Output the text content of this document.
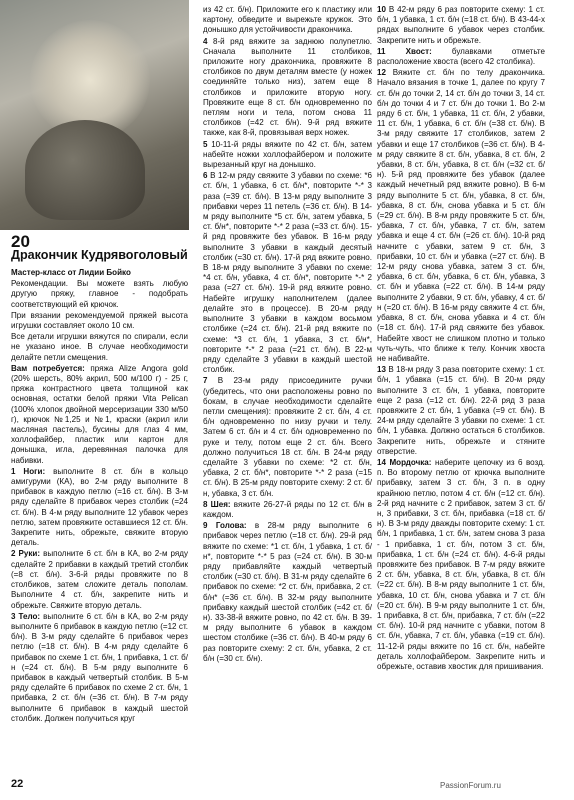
20
Дракончик Кудрявоголовый

Мастер-класс от Лидии Бойко

Рекомендации. Вы можете взять любую другую пряжу, главное - подобрать соответствующий ей крючок.

При вязании рекомендуемой пряжей высота игрушки составляет около 10 см.

Все детали игрушки вяжутся по спирали, если не указано иное. В случае необходимости делайте петли смещения.

Вам потребуется: пряжа Alize Angora gold (20% шерсть, 80% акрил, 500 м/100 г) - 25 г, пряжа контрастного цвета толщиной как основная, остатки белой пряжи Vita Pelican (100% хлопок двойной мерсеризации 330 м/50 г), крючок №1,25 и №1, краски (акрил или масляная пастель), бусины для глаз 4 мм, холлофайбер, пластик или картон для донышка, игла, деревянная палочка для набивки.

1 Ноги: выполните 8 ст. б/н в кольцо амигуруми (КА), во 2-м ряду выполните 8 прибавок в каждую петлю (=16 ст. б/н). В 3-м ряду сделайте 8 прибавок через столбик (=24 ст. б/н). В 4-м ряду выполните 12 убавок через петлю, затем провяжите оставшиеся 12 ст. б/н. Закрепите нить, обрежьте, свяжите вторую деталь.

2 Руки: выполните 6 ст. б/н в КА, во 2-м ряду сделайте 2 прибавки в каждый третий столбик (=8 ст. б/н). 3-6-й ряды провяжите по 8 столбиков, затем сложите деталь пополам. Выполните 4 ст. б/н, закрепите нить и обрежьте. Свяжите вторую деталь.

3 Тело: выполните 6 ст. б/н в КА, во 2-м ряду выполните 6 прибавок в каждую петлю (=12 ст. б/н). В 3-м ряду сделайте 6 прибавок через петлю (=18 ст. б/н). В 4-м ряду сделайте 6 прибавок по схеме 1 ст. б/н, 1 прибавка, 1 ст. б/н (=24 ст. б/н). В 5-м ряду выполните 6 прибавок в каждый четвертый столбик. В 5-м ряду сделайте 6 прибавок по схеме 2 ст. б/н, 1 прибавка, 2 ст. б/н (=36 ст. б/н). В 7-м ряду выполните 6 прибавок в каждый шестой столбик. Должен получиться круг

из 42 ст. б/н). Приложите его к пластику или картону, обведите и вырежьте кружок. Это донышко для устойчивости дракончика.

4 8-й ряд вяжите за заднюю полупетлю. Сначала выполните 11 столбиков, приложите ногу дракончика, провяжите 8 столбиков по двум деталям вместе (у ножек соединяйте только низ), затем еще 8 столбиков и приложите вторую ногу. Провяжите еще 8 ст. б/н одновременно по петлям ноги и тела, потом снова 11 столбиков (=42 ст. б/н). 9-й ряд вяжите также, как 8-й, провязывая верх ножек.

5 10-11-й ряды вяжите по 42 ст. б/н, затем набейте ножки холлофайбером и положите вырезанный круг на донышко.

6 В 12-м ряду свяжите 3 убавки по схеме: *6 ст. б/н, 1 убавка, 6 ст. б/н*, повторите *-* 3 раза (=39 ст. б/н). В 13-м ряду выполните 3 прибавки через 11 петель (=36 ст. б/н). В 14-м ряду выполните *5 ст. б/н, затем убавка, 5 ст. б/н*, повторите *-* 2 раза (=33 ст. б/н). 15-й ряд провяжите без убавок. В 16-м ряду выполните 3 убавки в каждый десятый столбик (=30 ст. б/н). 17-й ряд вяжите ровно. В 18-м ряду выполните 3 убавки по схеме: *4 ст. б/н, убавка, 4 ст. б/н*, повторите *-* 2 раза (=27 ст. б/н). 19-й ряд вяжите ровно. Набейте игрушку наполнителем (далее делайте это в процессе). В 20-м ряду выполните 3 убавки в каждом восьмом столбике (=24 ст. б/н). 21-й ряд вяжите по схеме: *3 ст. б/н, 1 убавка, 3 ст. б/н*, повторите *-* 2 раза (=21 ст. б/н). В 22-м ряду сделайте 3 убавки в каждый шестой столбик.

7 В 23-м ряду присоедините ручки (убедитесь, что они расположены ровно по бокам, в случае необходимости сделайте петли смещения): провяжите 2 ст. б/н, 4 ст. б/н одновременно по низу ручки и телу. Затем 6 ст. б/н и 4 ст. б/н одновременно по руке и телу, потом еще 2 ст. б/н. Всего должно получиться 18 ст. б/н. В 24-м ряду сделайте 3 убавки по схеме: *2 ст. б/н, убавка, 2 ст. б/н*, повторите *-* 2 раза (=15 ст. б/н). В 25-м ряду повторите схему: 2 ст. б/н, убавка, 3 ст. б/н.

8 Шея: вяжите 26-27-й ряды по 12 ст. б/н в каждом.

9 Голова: в 28-м ряду выполните 6 прибавок через петлю (=18 ст. б/н). 29-й ряд вяжите по схеме: *1 ст. б/н, 1 убавка, 1 ст. б/н*, повторите *-* 5 раз (=24 ст. б/н). В 30-м ряду прибавляйте каждый четвертый столбик (=30 ст. б/н). В 31-м ряду сделайте 6 прибавок по схеме: *2 ст. б/н, прибавка, 2 ст. б/н* (=36 ст. б/н). В 32-м ряду выполните прибавку каждый шестой столбик (=42 ст. б/н). 33-38-й вяжите ровно, по 42 ст. б/н. В 39-м ряду выполните 6 убавок в каждом шестом столбике (=36 ст. б/н). В 40-м ряду 6 раз повторите схему: 2 ст. б/н, убавка, 2 ст. б/н (=30 ст. б/н).

10 В 42-м ряду 6 раз повторите схему: 1 ст. б/н, 1 убавка, 1 ст. б/н (=18 ст. б/н). В 43-44-х рядах выполните 6 убавок через столбик. Закрепите нить и обрежьте.

11	Хвост: булавками отметьте расположение хвоста (всего 42 столбика).

12 Вяжите ст. б/н по телу дракончика. Начало вязания в точке 1, далее по кругу 7 ст. б/н до точки 2, 14 ст. б/н до точки 3, 14 ст. б/н до точки 4 и 7 ст. б/н до точки 1. Во 2-м ряду 6 ст. б/н, 1 убавка, 11 ст. б/н, 2 убавки, 11 ст. б/н, 1 убавка, 6 ст. б/н (=38 ст. б/н). В 3-м ряду свяжите 17 столбиков, затем 2 убавки и еще 17 столбиков (=36 ст. б/н). В 4-м ряду свяжите 8 ст. б/н, убавка, 8 ст. б/н, 2 убавки, 8 ст. б/н, убавка, 8 ст. б/н (=32 ст. б/н). 5-й ряд провяжите без убавок (далее каждый нечетный ряд вяжите ровно). В 6-м ряду выполните 5 ст. б/н, убавка, 8 ст. б/н, убавка, 8 ст. б/н, снова убавка и 5 ст. б/н (=29 ст. б/н). В 8-м ряду провяжите 5 ст. б/н, убавка, 7 ст. б/н, убавка, 7 ст. б/н, затем убавка и еще 4 ст. б/н (=26 ст. б/н). 10-й ряд начните с убавки, затем 9 ст. б/н, 3 прибавки, 10 ст. б/н и убавка (=27 ст. б/н). В 12-м ряду снова убавка, затем 3 ст. б/н, убавка, 6 ст. б/н, убавка, 6 ст. б/н, убавка, 3 ст. б/н и убавка (=22 ст. б/н). В 14-м ряду выполните 2 убавки, 9 ст. б/н, убавку, 4 ст. б/н (=20 ст. б/н). В 16-м ряду свяжите 4 ст. б/н, убавка, 8 ст. б/н, снова убавка и 4 ст. б/н (=18 ст. б/н). 17-й ряд свяжите без убавок. Набейте хвост не слишком плотно и только чуть-чуть, что ближе к телу. Кончик хвоста не набивайте.

13 В 18-м ряду 3 раза повторите схему: 1 ст. б/н, 1 убавка (=15 ст. б/н). В 20-м ряду выполните 3 ст. б/н, 1 убавка, повторите еще 2 раза (=12 ст. б/н). 22-й ряд 3 раза провяжите 2 ст. б/н, 1 убавка (=9 ст. б/н). В 24-м ряду сделайте 3 убавки по схеме: 1 ст. б/н, 1 убавка. Должно остаться 6 столбиков. Закрепите нить, обрежьте и стяните отверстие.

14 Мордочка: наберите цепочку из 6 возд. п. Во второму петлю от крючка выполните прибавку, затем 3 ст. б/н, 3 п. в одну крайнюю петлю, потом 4 ст. б/н (=12 ст. б/н). 2-й ряд начните с 2 прибавок, затем 3 ст. б/н, 3 прибавки, 3 ст. б/н, прибавка (=18 ст. б/н). В 3-м ряду дважды повторите схему: 1 ст. б/н, 1 прибавка, 1 ст. б/н, затем снова 3 раза - 1 прибавка, 1 ст. б/н, потом 3 ст. б/н, прибавка, 1 ст. б/н (=24 ст. б/н). 4-6-й ряды провяжите без прибавок. В 7-м ряду вяжите 2 ст. б/н, убавка, 8 ст. б/н, убавка, 8 ст. б/н (=22 ст. б/н). В 8-м ряду выполните 1 ст. б/н, убавка, 10 ст. б/н, снова убавка и 7 ст. б/н (=20 ст. б/н). В 9-м ряду выполните 1 ст. б/н, 1 прибавка, 8 ст. б/н, прибавка, 7 ст. б/н (=22 ст. б/н). 10-й ряд начните с убавки, потом 8 ст. б/н, убавка, 7 ст. б/н, убавка (=19 ст. б/н). 11-12-й ряды вяжите по 16 ст. б/н, набейте деталь холлофайбером. Закрепите нить и обрежьте, оставив хвостик для пришивания.

22	PassionForum.ru
